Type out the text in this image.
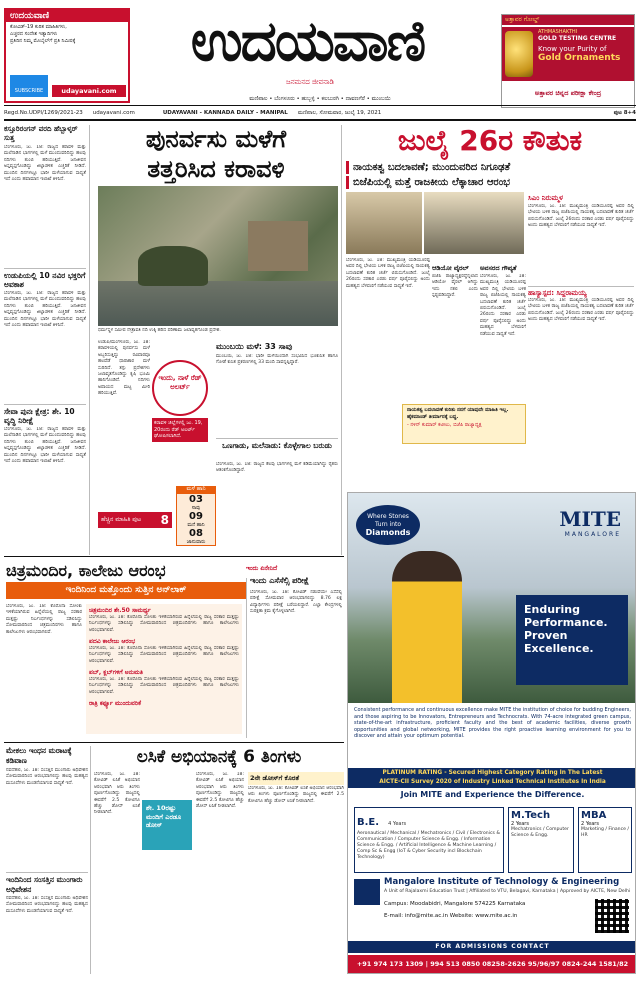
ಉದಯವಾಣಿ
ಕೋವಿಡ್-19 ಕುರಿತ ಮಾಹಿತಿಗಳು,
ಎಚ್ಚರದ ಸಂದೇಶ ಇತ್ಯಾದಿಗಳು
ಪ್ರತಿದಿನ ನಿಮ್ಮ ಮೊಬೈಲ್‌ಗೆ ಪ್ರತಿ ನಿಮಿಷಕ್ಕೆ
SUBSCRIBE	udayavani.com
ಉದಯವಾಣಿ
ಜನಮನದ ಜೀವನಾಡಿ
ಅತ್ತಾವರ ಗೋಲ್ಡ್
ATHMASHAKTHI
GOLD TESTING CENTRE
Know your Purity of
Gold Ornaments
ಅತ್ತಾವರ ಚಿನ್ನದ ಪರೀಕ್ಷಾ ಕೇಂದ್ರ
ಮಣಿಪಾಲ • ಬೆಂಗಳೂರು • ಹುಬ್ಬಳ್ಳಿ • ಕಲಬುರಗಿ • ದಾವಣಗೆರೆ • ಮುಂಬಯಿ
Regd.No.UDPI/1269/2021-23 udayavani.com	UDAYAVANI - KANNADA DAILY - MANIPAL ಮಣಿಪಾಲ, ಸೋಮವಾರ, ಜುಲೈ 19, 2021	ಪುಟ 8+4
ಕಸ್ತೂರಿರಂಗನ್ ವರದಿ ಹೆಬ್ಬಾಳ್ಕರ್ ಸುತ್ತ
ಬೆಂಗಳೂರು, ಜು. 18: ರಾಜ್ಯದ ಕರಾವಳಿ ಮತ್ತು ಮಲೆನಾಡಿನ ಭಾಗಗಳಲ್ಲಿ ಮಳೆ ಮುಂದುವರಿದಿದ್ದು ಹಲವು ನದಿಗಳು ತುಂಬಿ ಹರಿಯುತ್ತಿವೆ. ಜನಜೀವನ ಅಸ್ತವ್ಯಸ್ತಗೊಂಡಿದ್ದು ಜಿಲ್ಲಾಡಳಿತ ಎಚ್ಚರಿಕೆ ನೀಡಿದೆ. ಮುಂದಿನ ದಿನಗಳಲ್ಲೂ ಭಾರೀ ಮಳೆಯಾಗುವ ಸಾಧ್ಯತೆ ಇದೆ ಎಂದು ಹವಾಮಾನ ಇಲಾಖೆ ತಿಳಿಸಿದೆ.
ಉಡುಪಿಯಲ್ಲಿ 10 ನವಿರ ಭಕ್ತರಿಗೆ ಅವಕಾಶ
ಬೆಂಗಳೂರು, ಜು. 18: ರಾಜ್ಯದ ಕರಾವಳಿ ಮತ್ತು ಮಲೆನಾಡಿನ ಭಾಗಗಳಲ್ಲಿ ಮಳೆ ಮುಂದುವರಿದಿದ್ದು ಹಲವು ನದಿಗಳು ತುಂಬಿ ಹರಿಯುತ್ತಿವೆ. ಜನಜೀವನ ಅಸ್ತವ್ಯಸ್ತಗೊಂಡಿದ್ದು ಜಿಲ್ಲಾಡಳಿತ ಎಚ್ಚರಿಕೆ ನೀಡಿದೆ. ಮುಂದಿನ ದಿನಗಳಲ್ಲೂ ಭಾರೀ ಮಳೆಯಾಗುವ ಸಾಧ್ಯತೆ ಇದೆ ಎಂದು ಹವಾಮಾನ ಇಲಾಖೆ ತಿಳಿಸಿದೆ.
ಸೇವಾ ಪುನಃ ಕ್ಷೇತ್ರ: ಶೇ. 10 ವೃದ್ಧಿ ನಿರೀಕ್ಷೆ
ಬೆಂಗಳೂರು, ಜು. 18: ರಾಜ್ಯದ ಕರಾವಳಿ ಮತ್ತು ಮಲೆನಾಡಿನ ಭಾಗಗಳಲ್ಲಿ ಮಳೆ ಮುಂದುವರಿದಿದ್ದು ಹಲವು ನದಿಗಳು ತುಂಬಿ ಹರಿಯುತ್ತಿವೆ. ಜನಜೀವನ ಅಸ್ತವ್ಯಸ್ತಗೊಂಡಿದ್ದು ಜಿಲ್ಲಾಡಳಿತ ಎಚ್ಚರಿಕೆ ನೀಡಿದೆ. ಮುಂದಿನ ದಿನಗಳಲ್ಲೂ ಭಾರೀ ಮಳೆಯಾಗುವ ಸಾಧ್ಯತೆ ಇದೆ ಎಂದು ಹವಾಮಾನ ಇಲಾಖೆ ತಿಳಿಸಿದೆ.
ಪುನರ್ವಸು ಮಳೆಗೆ
ತತ್ತರಿಸಿದ ಕರಾವಳಿ
ಧರ್ಮಸ್ಥಳ ಸಮೀಪ ನೇತ್ರಾವತಿ ನದಿ ಉಕ್ಕಿ ಹರಿದ ಪರಿಣಾಮ ಜಲಾವೃತಗೊಂಡ ಪ್ರದೇಶ.
ಉಡುಪಿ/ಮಂಗಳೂರು, ಜು. 18: ಕರಾವಳಿಯಲ್ಲಿ ಪುನರ್ವಸು ಮಳೆ ಅಬ್ಬರಿಸುತ್ತಿದ್ದು ರವಿವಾರವೂ ಹಲವೆಡೆ ಧಾರಾಕಾರ ಮಳೆ ಸುರಿದಿದೆ. ತಗ್ಗು ಪ್ರದೇಶಗಳು ಜಲಾವೃತಗೊಂಡಿದ್ದು ಕೃಷಿ ಭೂಮಿ ಹಾನಿಗೊಂಡಿದೆ. ನದಿಗಳು ಅಪಾಯದ ಮಟ್ಟ ಮೀರಿ ಹರಿಯುತ್ತಿವೆ.
ಇಂದು, ನಾಳೆ ರೆಡ್ ಅಲರ್ಟ್
ಕರಾವಳಿ ಜಿಲ್ಲೆಗಳಲ್ಲಿ ಜು. 19, 20ರಂದು ರೆಡ್ ಅಲರ್ಟ್ ಘೋಷಿಸಲಾಗಿದೆ.
ಮಳೆ ಹಾನಿ
03
ಸಾವು
09
ಮನೆ ಹಾನಿ
08
ಜಾನುವಾರು
ಹೆಚ್ಚಿನ ಮಾಹಿತಿ ಪುಟ 8
ಮುಂಬಯಿ ಮಳೆ: 33 ಸಾವು
ಮುಂಬಯಿ, ಜು. 18: ಭಾರೀ ಮಳೆಯಿಂದಾಗಿ ಸಂಭವಿಸಿದ ಭೂಕುಸಿತ ಹಾಗೂ ಗೋಡೆ ಕುಸಿತ ಪ್ರಕರಣಗಳಲ್ಲಿ 33 ಮಂದಿ ಸಾವನ್ನಪ್ಪಿದ್ದಾರೆ.
ಒಣಗಾಡು, ಮಲೆನಾಡು: ಕೊಳ್ಳೇಗಾಲ ಬರುಡು
ಬೆಂಗಳೂರು, ಜು. 18: ರಾಜ್ಯದ ಕೆಲವು ಭಾಗಗಳಲ್ಲಿ ಮಳೆ ಕಡಿಮೆಯಾಗಿದ್ದು ರೈತರು ಆತಂಕಗೊಂಡಿದ್ದಾರೆ.
ಜುಲೈ 26ರ ಕೌತುಕ
ನಾಯಕತ್ವ ಬದಲಾವಣೆ; ಮುಂದುವರಿದ ನಿಗೂಢತೆ
ಬಿಜೆಪಿಯಲ್ಲಿ ಮತ್ತೆ ರಾಜಕೀಯ ಲೆಕ್ಕಾಚಾರ ಆರಂಭ
ಸಿಎಂ ನಿರುಮ್ಮಳ
ಬೆಂಗಳೂರು, ಜು. 18: ಮುಖ್ಯಮಂತ್ರಿ ಯಡಿಯೂರಪ್ಪ ಅವರ ದಿಲ್ಲಿ ಭೇಟಿಯ ಬಳಿಕ ರಾಜ್ಯ ಬಿಜೆಪಿಯಲ್ಲಿ ನಾಯಕತ್ವ ಬದಲಾವಣೆ ಕುರಿತ ಚರ್ಚೆ ಬಿರುಸುಗೊಂಡಿದೆ. ಜುಲೈ 26ರಂದು ಸರಕಾರ ಎರಡು ವರ್ಷ ಪೂರೈಸಲಿದ್ದು ಅಂದು ಮಹತ್ವದ ಬೆಳವಣಿಗೆ ನಡೆಯುವ ಸಾಧ್ಯತೆ ಇದೆ.
ಹಾಸ್ಯಾಸ್ಪದ: ಸಿದ್ದರಾಮಯ್ಯ
ಬೆಂಗಳೂರು, ಜು. 18: ಮುಖ್ಯಮಂತ್ರಿ ಯಡಿಯೂರಪ್ಪ ಅವರ ದಿಲ್ಲಿ ಭೇಟಿಯ ಬಳಿಕ ರಾಜ್ಯ ಬಿಜೆಪಿಯಲ್ಲಿ ನಾಯಕತ್ವ ಬದಲಾವಣೆ ಕುರಿತ ಚರ್ಚೆ ಬಿರುಸುಗೊಂಡಿದೆ. ಜುಲೈ 26ರಂದು ಸರಕಾರ ಎರಡು ವರ್ಷ ಪೂರೈಸಲಿದ್ದು ಅಂದು ಮಹತ್ವದ ಬೆಳವಣಿಗೆ ನಡೆಯುವ ಸಾಧ್ಯತೆ ಇದೆ.
ಬೆಂಗಳೂರು, ಜು. 18: ಮುಖ್ಯಮಂತ್ರಿ ಯಡಿಯೂರಪ್ಪ ಅವರ ದಿಲ್ಲಿ ಭೇಟಿಯ ಬಳಿಕ ರಾಜ್ಯ ಬಿಜೆಪಿಯಲ್ಲಿ ನಾಯಕತ್ವ ಬದಲಾವಣೆ ಕುರಿತ ಚರ್ಚೆ ಬಿರುಸುಗೊಂಡಿದೆ. ಜುಲೈ 26ರಂದು ಸರಕಾರ ಎರಡು ವರ್ಷ ಪೂರೈಸಲಿದ್ದು ಅಂದು ಮಹತ್ವದ ಬೆಳವಣಿಗೆ ನಡೆಯುವ ಸಾಧ್ಯತೆ ಇದೆ.
ಆಡಿಯೋ ವೈರಲ್
ಬಿಜೆಪಿ ರಾಜ್ಯಾಧ್ಯಕ್ಷರದ್ದೆನ್ನಲಾದ ಆಡಿಯೋ ವೈರಲ್ ಆಗಿದ್ದು ಇದು ನಕಲಿ ಎಂದು ಸ್ಪಷ್ಟಪಡಿಸಿದ್ದಾರೆ.
ಅವಸರದ ಗೌಪ್ಯತೆ
ಬೆಂಗಳೂರು, ಜು. 18: ಮುಖ್ಯಮಂತ್ರಿ ಯಡಿಯೂರಪ್ಪ ಅವರ ದಿಲ್ಲಿ ಭೇಟಿಯ ಬಳಿಕ ರಾಜ್ಯ ಬಿಜೆಪಿಯಲ್ಲಿ ನಾಯಕತ್ವ ಬದಲಾವಣೆ ಕುರಿತ ಚರ್ಚೆ ಬಿರುಸುಗೊಂಡಿದೆ. ಜುಲೈ 26ರಂದು ಸರಕಾರ ಎರಡು ವರ್ಷ ಪೂರೈಸಲಿದ್ದು ಅಂದು ಮಹತ್ವದ ಬೆಳವಣಿಗೆ ನಡೆಯುವ ಸಾಧ್ಯತೆ ಇದೆ.
ನಾಯಕತ್ವ ಬದಲಾವಣೆ ಕುರಿತು ನನಗೆ ಯಾವುದೇ ಮಾಹಿತಿ ಇಲ್ಲ. ಹೈಕಮಾಂಡ್ ತೀರ್ಮಾನಕ್ಕೆ ಬದ್ಧ.
- ನಳಿನ್ ಕುಮಾರ್ ಕಟೀಲು, ಬಿಜೆಪಿ ರಾಜ್ಯಾಧ್ಯಕ್ಷ
ಚಿತ್ರಮಂದಿರ, ಕಾಲೇಜು ಆರಂಭ	ಇಂದು ಏನೇನಿದೆ
ಇಂದಿನಿಂದ ಮತ್ತೊಂದು ಸುತ್ತಿನ ಅನ್‌ಲಾಕ್
ಬೆಂಗಳೂರು, ಜು. 18: ಕೊರೊನಾ ಸೋಂಕು ಇಳಿಕೆಯಾಗಿರುವ ಹಿನ್ನೆಲೆಯಲ್ಲಿ ರಾಜ್ಯ ಸರಕಾರ ಮತ್ತಷ್ಟು ನಿರ್ಬಂಧಗಳನ್ನು ಸಡಿಲಿಸಿದ್ದು ಸೋಮವಾರದಿಂದ ಚಿತ್ರಮಂದಿರಗಳು ಹಾಗೂ ಕಾಲೇಜುಗಳು ಆರಂಭವಾಗಲಿವೆ.
ಚಿತ್ರಮಂದಿರ ಶೇ.50 ಸಾಮರ್ಥ್ಯ
ಬೆಂಗಳೂರು, ಜು. 18: ಕೊರೊನಾ ಸೋಂಕು ಇಳಿಕೆಯಾಗಿರುವ ಹಿನ್ನೆಲೆಯಲ್ಲಿ ರಾಜ್ಯ ಸರಕಾರ ಮತ್ತಷ್ಟು ನಿರ್ಬಂಧಗಳನ್ನು ಸಡಿಲಿಸಿದ್ದು ಸೋಮವಾರದಿಂದ ಚಿತ್ರಮಂದಿರಗಳು ಹಾಗೂ ಕಾಲೇಜುಗಳು ಆರಂಭವಾಗಲಿವೆ.
ಪದವಿ ಕಾಲೇಜು ಆರಂಭ
ಬೆಂಗಳೂರು, ಜು. 18: ಕೊರೊನಾ ಸೋಂಕು ಇಳಿಕೆಯಾಗಿರುವ ಹಿನ್ನೆಲೆಯಲ್ಲಿ ರಾಜ್ಯ ಸರಕಾರ ಮತ್ತಷ್ಟು ನಿರ್ಬಂಧಗಳನ್ನು ಸಡಿಲಿಸಿದ್ದು ಸೋಮವಾರದಿಂದ ಚಿತ್ರಮಂದಿರಗಳು ಹಾಗೂ ಕಾಲೇಜುಗಳು ಆರಂಭವಾಗಲಿವೆ.
ಪಬ್, ಕ್ಲಬ್‌ಗಳಿಗೆ ಅನುಮತಿ
ಬೆಂಗಳೂರು, ಜು. 18: ಕೊರೊನಾ ಸೋಂಕು ಇಳಿಕೆಯಾಗಿರುವ ಹಿನ್ನೆಲೆಯಲ್ಲಿ ರಾಜ್ಯ ಸರಕಾರ ಮತ್ತಷ್ಟು ನಿರ್ಬಂಧಗಳನ್ನು ಸಡಿಲಿಸಿದ್ದು ಸೋಮವಾರದಿಂದ ಚಿತ್ರಮಂದಿರಗಳು ಹಾಗೂ ಕಾಲೇಜುಗಳು ಆರಂಭವಾಗಲಿವೆ.
ರಾತ್ರಿ ಕರ್ಫ್ಯೂ ಮುಂದುವರಿಕೆ
ಇಂದು ಎಸೆಸೆಲ್ಸಿ ಪರೀಕ್ಷೆ
ಬೆಂಗಳೂರು, ಜು. 18: ಕೋವಿಡ್ ನಡುವೆಯೇ ಎಸೆಸೆಲ್ಸಿ ಪರೀಕ್ಷೆ ಸೋಮವಾರ ಆರಂಭವಾಗಲಿದ್ದು 8.76 ಲಕ್ಷ ವಿದ್ಯಾರ್ಥಿಗಳು ಪರೀಕ್ಷೆ ಬರೆಯಲಿದ್ದಾರೆ. ಎಲ್ಲಾ ಕೇಂದ್ರಗಳಲ್ಲಿ ಸುರಕ್ಷತಾ ಕ್ರಮ ಕೈಗೊಳ್ಳಲಾಗಿದೆ.
Where Stones
Turn into
Diamonds
MITE
MANGALORE
Enduring
Performance.
Proven
Excellence.
Consistent performance and continuous excellence make MITE the institution of choice for budding Engineers, and those aspiring to be Innovators, Entrepreneurs and Technocrats. With 74-acre integrated green campus, state-of-the-art infrastructure, proficient faculty and the best of academic facilities, diverse growth opportunities and global networking, MITE provides the right proactive learning environment for you to discover and attain your optimum potential.
PLATINUM RATING - Secured Highest Category Rating In The Latest
AICTE-CII Survey 2020 of Industry Linked Technical Institutes In India
Join MITE and Experience the Difference.
B.E. 4 Years
Aeronautical / Mechanical / Mechatronics / Civil / Electronics & Communication / Computer Science & Engg. / Information Science & Engg. / Artificial Intelligence & Machine Learning / Comp Sc & Engg (IoT & Cyber Security incl Blockchain Technology)
M.Tech
2 Years
Mechatronics / Computer Science & Engg.
MBA
2 Years
Marketing / Finance / HR
Mangalore Institute of Technology & Engineering
A Unit of Rajalaxmi Education Trust | Affiliated to VTU, Belagavi, Karnataka | Approved by AICTE, New Delhi
Campus: Moodabidri, Mangalore 574225 Karnataka
E-mail: info@mite.ac.in Website: www.mite.ac.in
FOR ADMISSIONS CONTACT
+91 974 173 1309 | 994 513 0850 08258-2626 95/96/97 0824-244 1581/82
ಮೇಕಲು ಇಂಧನ ಮರಾಟಕ್ಕೆ ಕಡಿವಾಣ
ನವದೆಹಲಿ, ಜು. 18: ಸಂಸತ್ತಿನ ಮುಂಗಾರು ಅಧಿವೇಶನ ಸೋಮವಾರದಿಂದ ಆರಂಭವಾಗಲಿದ್ದು ಹಲವು ಮಹತ್ವದ ಮಸೂದೆಗಳು ಮಂಡನೆಯಾಗುವ ಸಾಧ್ಯತೆ ಇದೆ.
ಇಂದಿನಿಂದ ಸಂಸತ್ತಿನ ಮುಂಗಾರು ಅಧಿವೇಶನ
ನವದೆಹಲಿ, ಜು. 18: ಸಂಸತ್ತಿನ ಮುಂಗಾರು ಅಧಿವೇಶನ ಸೋಮವಾರದಿಂದ ಆರಂಭವಾಗಲಿದ್ದು ಹಲವು ಮಹತ್ವದ ಮಸೂದೆಗಳು ಮಂಡನೆಯಾಗುವ ಸಾಧ್ಯತೆ ಇದೆ.
ಲಸಿಕೆ ಅಭಿಯಾನಕ್ಕೆ 6 ತಿಂಗಳು
ಬೆಂಗಳೂರು, ಜು. 18: ಕೋವಿಡ್ ಲಸಿಕೆ ಅಭಿಯಾನ ಆರಂಭವಾಗಿ ಆರು ತಿಂಗಳು ಪೂರ್ಣಗೊಂಡಿದ್ದು ರಾಜ್ಯದಲ್ಲಿ ಈವರೆಗೆ 2.5 ಕೋಟಿಗೂ ಹೆಚ್ಚು ಡೋಸ್ ಲಸಿಕೆ ನೀಡಲಾಗಿದೆ.
ಶೇ. 10ರಷ್ಟು ಮಂದಿಗೆ ಎರಡೂ ಡೋಸ್
ಬೆಂಗಳೂರು, ಜು. 18: ಕೋವಿಡ್ ಲಸಿಕೆ ಅಭಿಯಾನ ಆರಂಭವಾಗಿ ಆರು ತಿಂಗಳು ಪೂರ್ಣಗೊಂಡಿದ್ದು ರಾಜ್ಯದಲ್ಲಿ ಈವರೆಗೆ 2.5 ಕೋಟಿಗೂ ಹೆಚ್ಚು ಡೋಸ್ ಲಸಿಕೆ ನೀಡಲಾಗಿದೆ.
2ನೇ ಡೋಸ್‌ಗೆ ಕೊರತೆ
ಬೆಂಗಳೂರು, ಜು. 18: ಕೋವಿಡ್ ಲಸಿಕೆ ಅಭಿಯಾನ ಆರಂಭವಾಗಿ ಆರು ತಿಂಗಳು ಪೂರ್ಣಗೊಂಡಿದ್ದು ರಾಜ್ಯದಲ್ಲಿ ಈವರೆಗೆ 2.5 ಕೋಟಿಗೂ ಹೆಚ್ಚು ಡೋಸ್ ಲಸಿಕೆ ನೀಡಲಾಗಿದೆ.
